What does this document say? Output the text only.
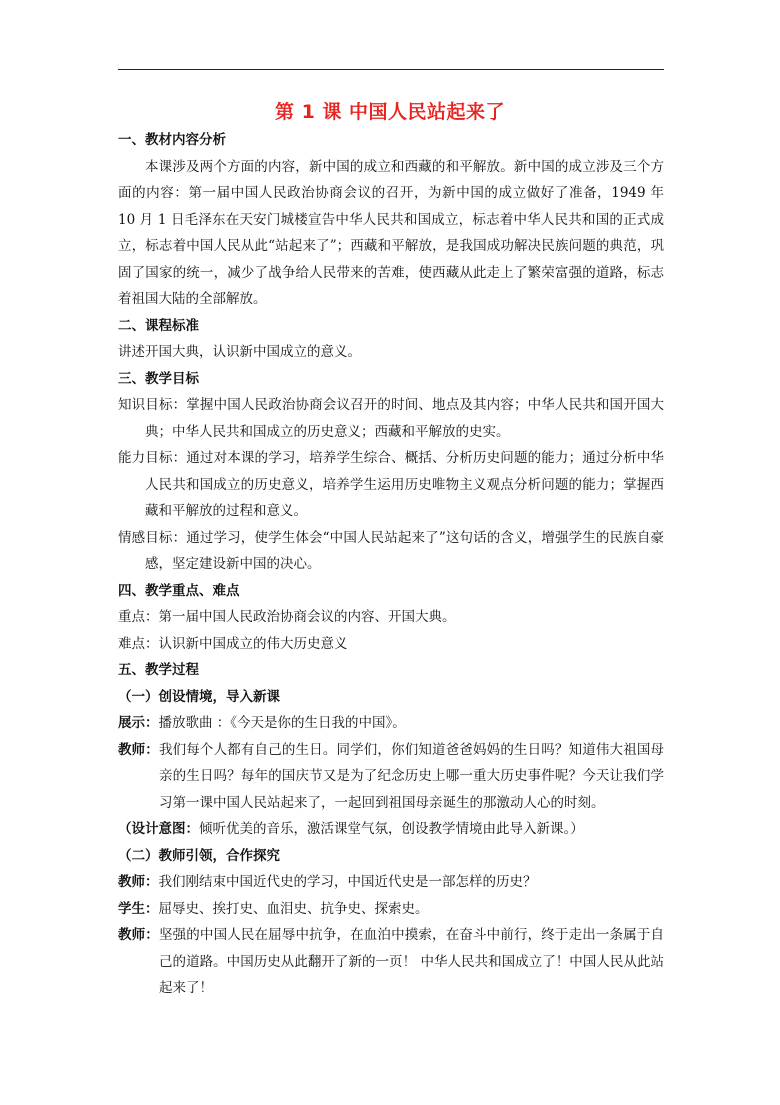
第 1 课 中国人民站起来了

一、教材内容分析

本课涉及两个方面的内容，新中国的成立和西藏的和平解放。新中国的成立涉及三个方面的内容：第一届中国人民政治协商会议的召开，为新中国的成立做好了准备，1949 年 10 月 1 日毛泽东在天安门城楼宣告中华人民共和国成立，标志着中华人民共和国的正式成立，标志着中国人民从此“站起来了”；西藏和平解放，是我国成功解决民族问题的典范，巩固了国家的统一，减少了战争给人民带来的苦难，使西藏从此走上了繁荣富强的道路，标志着祖国大陆的全部解放。

二、课程标准

讲述开国大典，认识新中国成立的意义。

三、教学目标

知识目标：掌握中国人民政治协商会议召开的时间、地点及其内容；中华人民共和国开国大典；中华人民共和国成立的历史意义；西藏和平解放的史实。

能力目标：通过对本课的学习，培养学生综合、概括、分析历史问题的能力；通过分析中华人民共和国成立的历史意义，培养学生运用历史唯物主义观点分析问题的能力；掌握西藏和平解放的过程和意义。

情感目标：通过学习，使学生体会“中国人民站起来了”这句话的含义，增强学生的民族自豪感，坚定建设新中国的决心。

四、教学重点、难点

重点：第一届中国人民政治协商会议的内容、开国大典。

难点：认识新中国成立的伟大历史意义

五、教学过程

（一）创设情境，导入新课

展示：播放歌曲 ：《今天是你的生日我的中国》。

教师：我们每个人都有自己的生日。同学们，你们知道爸爸妈妈的生日吗？知道伟大祖国母亲的生日吗？每年的国庆节又是为了纪念历史上哪一重大历史事件呢？今天让我们学习第一课中国人民站起来了，一起回到祖国母亲诞生的那激动人心的时刻。

（设计意图：倾听优美的音乐，激活课堂气氛，创设教学情境由此导入新课。）

（二）教师引领，合作探究

教师：我们刚结束中国近代史的学习，中国近代史是一部怎样的历史？

学生：屈辱史、挨打史、血泪史、抗争史、探索史。

教师：坚强的中国人民在屈辱中抗争，在血泊中摸索，在奋斗中前行，终于走出一条属于自己的道路。中国历史从此翻开了新的一页！ 中华人民共和国成立了！中国人民从此站起来了！
